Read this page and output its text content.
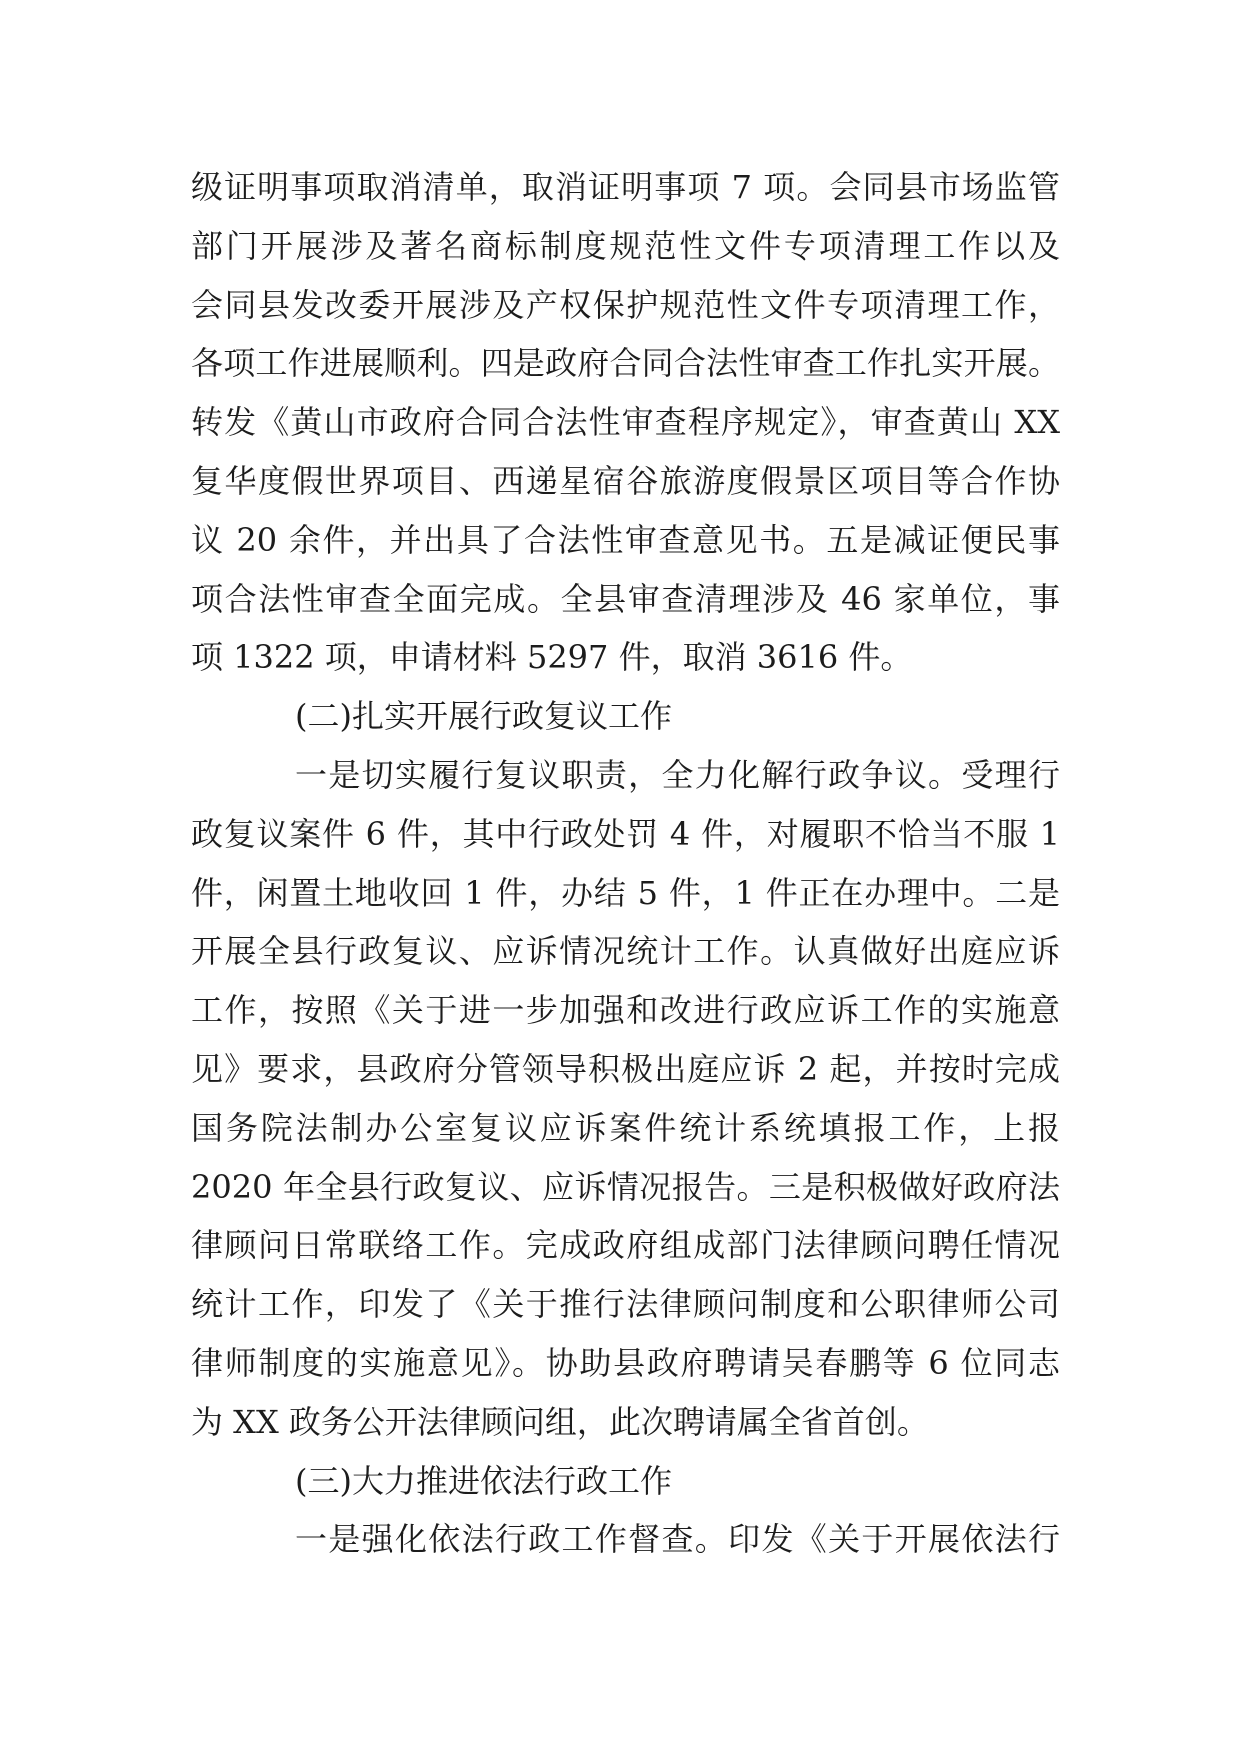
级证明事项取消清单，取消证明事项 7 项。会同县市场监管
部门开展涉及著名商标制度规范性文件专项清理工作以及
会同县发改委开展涉及产权保护规范性文件专项清理工作，
各项工作进展顺利。四是政府合同合法性审查工作扎实开展。
转发《黄山市政府合同合法性审查程序规定》，审查黄山 XX
复华度假世界项目、西递星宿谷旅游度假景区项目等合作协
议 20 余件，并出具了合法性审查意见书。五是减证便民事
项合法性审查全面完成。全县审查清理涉及 46 家单位，事
项 1322 项，申请材料 5297 件，取消 3616 件。
(二)扎实开展行政复议工作
一是切实履行复议职责，全力化解行政争议。受理行
政复议案件 6 件，其中行政处罚 4 件，对履职不恰当不服 1
件，闲置土地收回 1 件，办结 5 件，1 件正在办理中。二是
开展全县行政复议、应诉情况统计工作。认真做好出庭应诉
工作，按照《关于进一步加强和改进行政应诉工作的实施意
见》要求，县政府分管领导积极出庭应诉 2 起，并按时完成
国务院法制办公室复议应诉案件统计系统填报工作，上报
2020 年全县行政复议、应诉情况报告。三是积极做好政府法
律顾问日常联络工作。完成政府组成部门法律顾问聘任情况
统计工作，印发了《关于推行法律顾问制度和公职律师公司
律师制度的实施意见》。协助县政府聘请吴春鹏等 6 位同志
为 XX 政务公开法律顾问组，此次聘请属全省首创。
(三)大力推进依法行政工作
一是强化依法行政工作督查。印发《关于开展依法行
